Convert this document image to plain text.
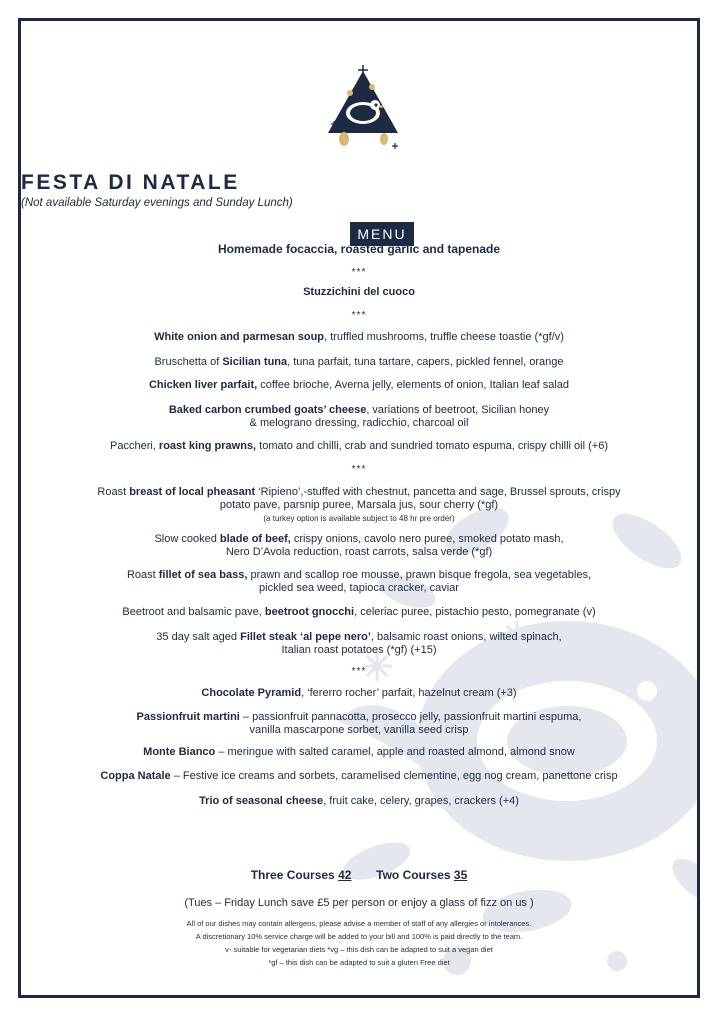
FESTA DI NATALE
(Not available Saturday evenings and Sunday Lunch)
MENU
Homemade focaccia, roasted garlic and tapenade
***
Stuzzichini del cuoco
***
White onion and parmesan soup, truffled mushrooms, truffle cheese toastie (*gf/v)
Bruschetta of Sicilian tuna, tuna parfait, tuna tartare, capers, pickled fennel, orange
Chicken liver parfait, coffee brioche, Averna jelly, elements of onion, Italian leaf salad
Baked carbon crumbed goats’ cheese, variations of beetroot, Sicilian honey
& melograno dressing, radicchio, charcoal oil
Paccheri, roast king prawns, tomato and chilli, crab and sundried tomato espuma, crispy chilli oil (+6)
***
Roast breast of local pheasant ‘Ripieno’,-stuffed with chestnut, pancetta and sage, Brussel sprouts, crispy
potato pave, parsnip puree, Marsala jus, sour cherry (*gf)
(a turkey option is available subject to 48 hr pre order)
Slow cooked blade of beef, crispy onions, cavolo nero puree, smoked potato mash,
Nero D’Avola reduction, roast carrots, salsa verde (*gf)
Roast fillet of sea bass, prawn and scallop roe mousse, prawn bisque fregola, sea vegetables,
pickled sea weed, tapioca cracker, caviar
Beetroot and balsamic pave, beetroot gnocchi, celeriac puree, pistachio pesto, pomegranate (v)
35 day salt aged Fillet steak ‘al pepe nero’, balsamic roast onions, wilted spinach,
Italian roast potatoes (*gf) (+15)
***
Chocolate Pyramid, ‘fererro rocher’ parfait, hazelnut cream (+3)
Passionfruit martini – passionfruit pannacotta, prosecco jelly, passionfruit martini espuma,
vanilla mascarpone sorbet, vanilla seed crisp
Monte Bianco – meringue with salted caramel, apple and roasted almond, almond snow
Coppa Natale – Festive ice creams and sorbets, caramelised clementine, egg nog cream, panettone crisp
Trio of seasonal cheese, fruit cake, celery, grapes, crackers (+4)
Three Courses 42 Two Courses 35
(Tues – Friday Lunch save £5 per person or enjoy a glass of fizz on us )
All of our dishes may contain allergens, please advise a member of staff of any allergies or intolerances.
A discretionary 10% service charge will be added to your bill and 100% is paid directly to the team.
v- suitable for vegetarian diets *vg – this dish can be adapted to suit a vegan diet
*gf – this dish can be adapted to suit a gluten Free diet
